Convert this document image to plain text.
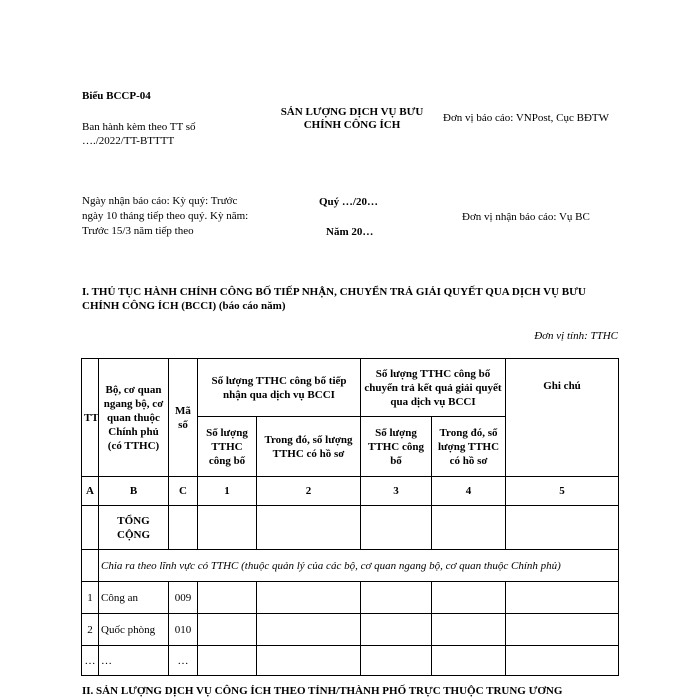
Biểu BCCP-04
Ban hành kèm theo TT số
…./2022/TT-BTTTT
SẢN LƯỢNG DỊCH VỤ BƯU
CHÍNH CÔNG ÍCH
Đơn vị báo cáo: VNPost, Cục BĐTW
Ngày nhận báo cáo: Kỳ quý: Trước
ngày 10 tháng tiếp theo quý. Kỳ năm:
Trước 15/3 năm tiếp theo
Quý …/20…
Năm 20…
Đơn vị nhận báo cáo: Vụ BC
I. THỦ TỤC HÀNH CHÍNH CÔNG BỐ TIẾP NHẬN, CHUYỂN TRẢ GIẢI QUYẾT QUA DỊCH VỤ BƯU
CHÍNH CÔNG ÍCH (BCCI) (báo cáo năm)
Đơn vị tính: TTHC
TT	Bộ, cơ quan ngang bộ, cơ quan thuộc Chính phủ (có TTHC)	Mã số	Số lượng TTHC công bố tiếp nhận qua dịch vụ BCCI		Số lượng TTHC công bố chuyển trả kết quả giải quyết qua dịch vụ BCCI		Ghi chú
			Số lượng TTHC công bố	Trong đó, số lượng TTHC có hồ sơ	Số lượng TTHC công bố	Trong đó, số lượng TTHC có hồ sơ	
A	B	C	1	2	3	4	5
	TỔNG CỘNG						
	Chia ra theo lĩnh vực có TTHC (thuộc quản lý của các bộ, cơ quan ngang bộ, cơ quan thuộc Chính phủ)						
1	Công an	009					
2	Quốc phòng	010					
…	…	…					
II. SẢN LƯỢNG DỊCH VỤ CÔNG ÍCH THEO TỈNH/THÀNH PHỐ TRỰC THUỘC TRUNG ƯƠNG
